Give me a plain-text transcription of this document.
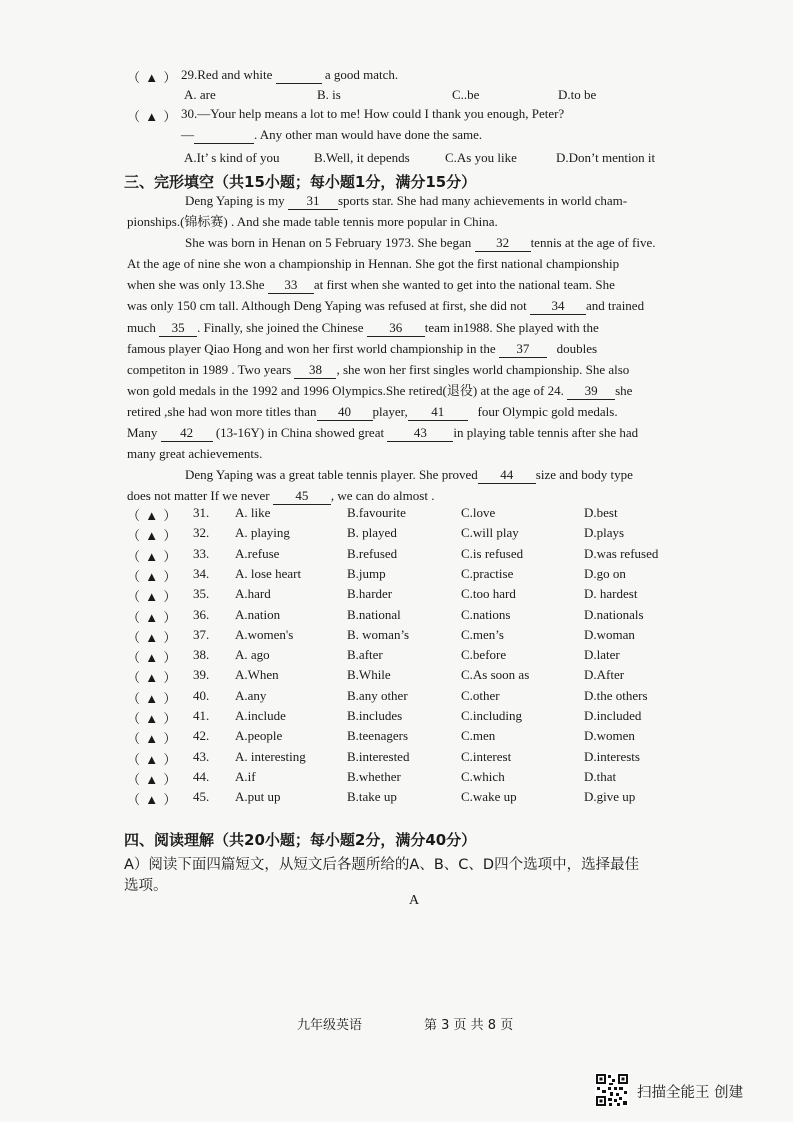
（ ▲ ） 29.Red and white	a good match.
A. are	B. is	C..be	D.to be
（ ▲ ） 30.—Your help means a lot to me! How could I thank you enough, Peter?
—	. Any other man would have done the same.
A.It’ s kind of you	B.Well, it depends	C.As you like	D.Don’t mention it
三、完形填空（共15小题；每小题1分，满分15分）
Deng Yaping is my 31 sports star. She had many achievements in world cham-
pionships.(锦标赛) . And she made table tennis more popular in China.
She was born in Henan on 5 February 1973. She began 32 tennis at the age of five.
At the age of nine she won a championship in Hennan. She got the first national championship
when she was only 13.She 33 at first when she wanted to get into the national team. She
was only 150 cm tall. Although Deng Yaping was refused at first, she did not 34 and trained
much 35 . Finally, she joined the Chinese 36 team in1988. She played with the
famous player Qiao Hong and won her first world championship in the 37 doubles
competiton in 1989 . Two years 38 , she won her first singles world championship. She also
won gold medals in the 1992 and 1996 Olympics.She retired(退役) at the age of 24. 39 she
retired ,she had won more titles than 40 player, 41	four Olympic gold medals.
Many 42 (13-16Y) in China showed great 43 in playing table tennis after she had
many great achievements.
Deng Yaping was a great table tennis player. She proved 44 size and body type
does not matter If we never 45 , we can do almost .
（ ▲ ） 31. A. like	B.favourite	C.love	D.best
（ ▲ ） 32. A. playing	B. played	C.will play	D.plays
（ ▲ ） 33. A.refuse	B.refused	C.is refused	D.was refused
（ ▲ ） 34. A. lose heart	B.jump	C.practise	D.go on
（ ▲ ） 35. A.hard	B.harder	C.too hard	D. hardest
（ ▲ ） 36. A.nation	B.national	C.nations	D.nationals
（ ▲ ） 37. A.women's	B. woman’s	C.men’s	D.woman
（ ▲ ） 38. A. ago	B.after	C.before	D.later
（ ▲ ） 39. A.When	B.While	C.As soon as	D.After
（ ▲ ） 40. A.any	B.any other	C.other	D.the others
（ ▲ ） 41. A.include	B.includes	C.including	D.included
（ ▲ ） 42. A.people	B.teenagers	C.men	D.women
（ ▲ ） 43. A. interesting	B.interested	C.interest	D.interests
（ ▲ ） 44. A.if	B.whether	C.which	D.that
（ ▲ ） 45. A.put up	B.take up	C.wake up	D.give up
四、阅读理解（共20小题；每小题2分，满分40分）
A）阅读下面四篇短文，从短文后各题所给的A、B、C、D四个选项中，选择最佳
选项。
A
九年级英语	第 3 页 共 8 页
扫描全能王 创建
